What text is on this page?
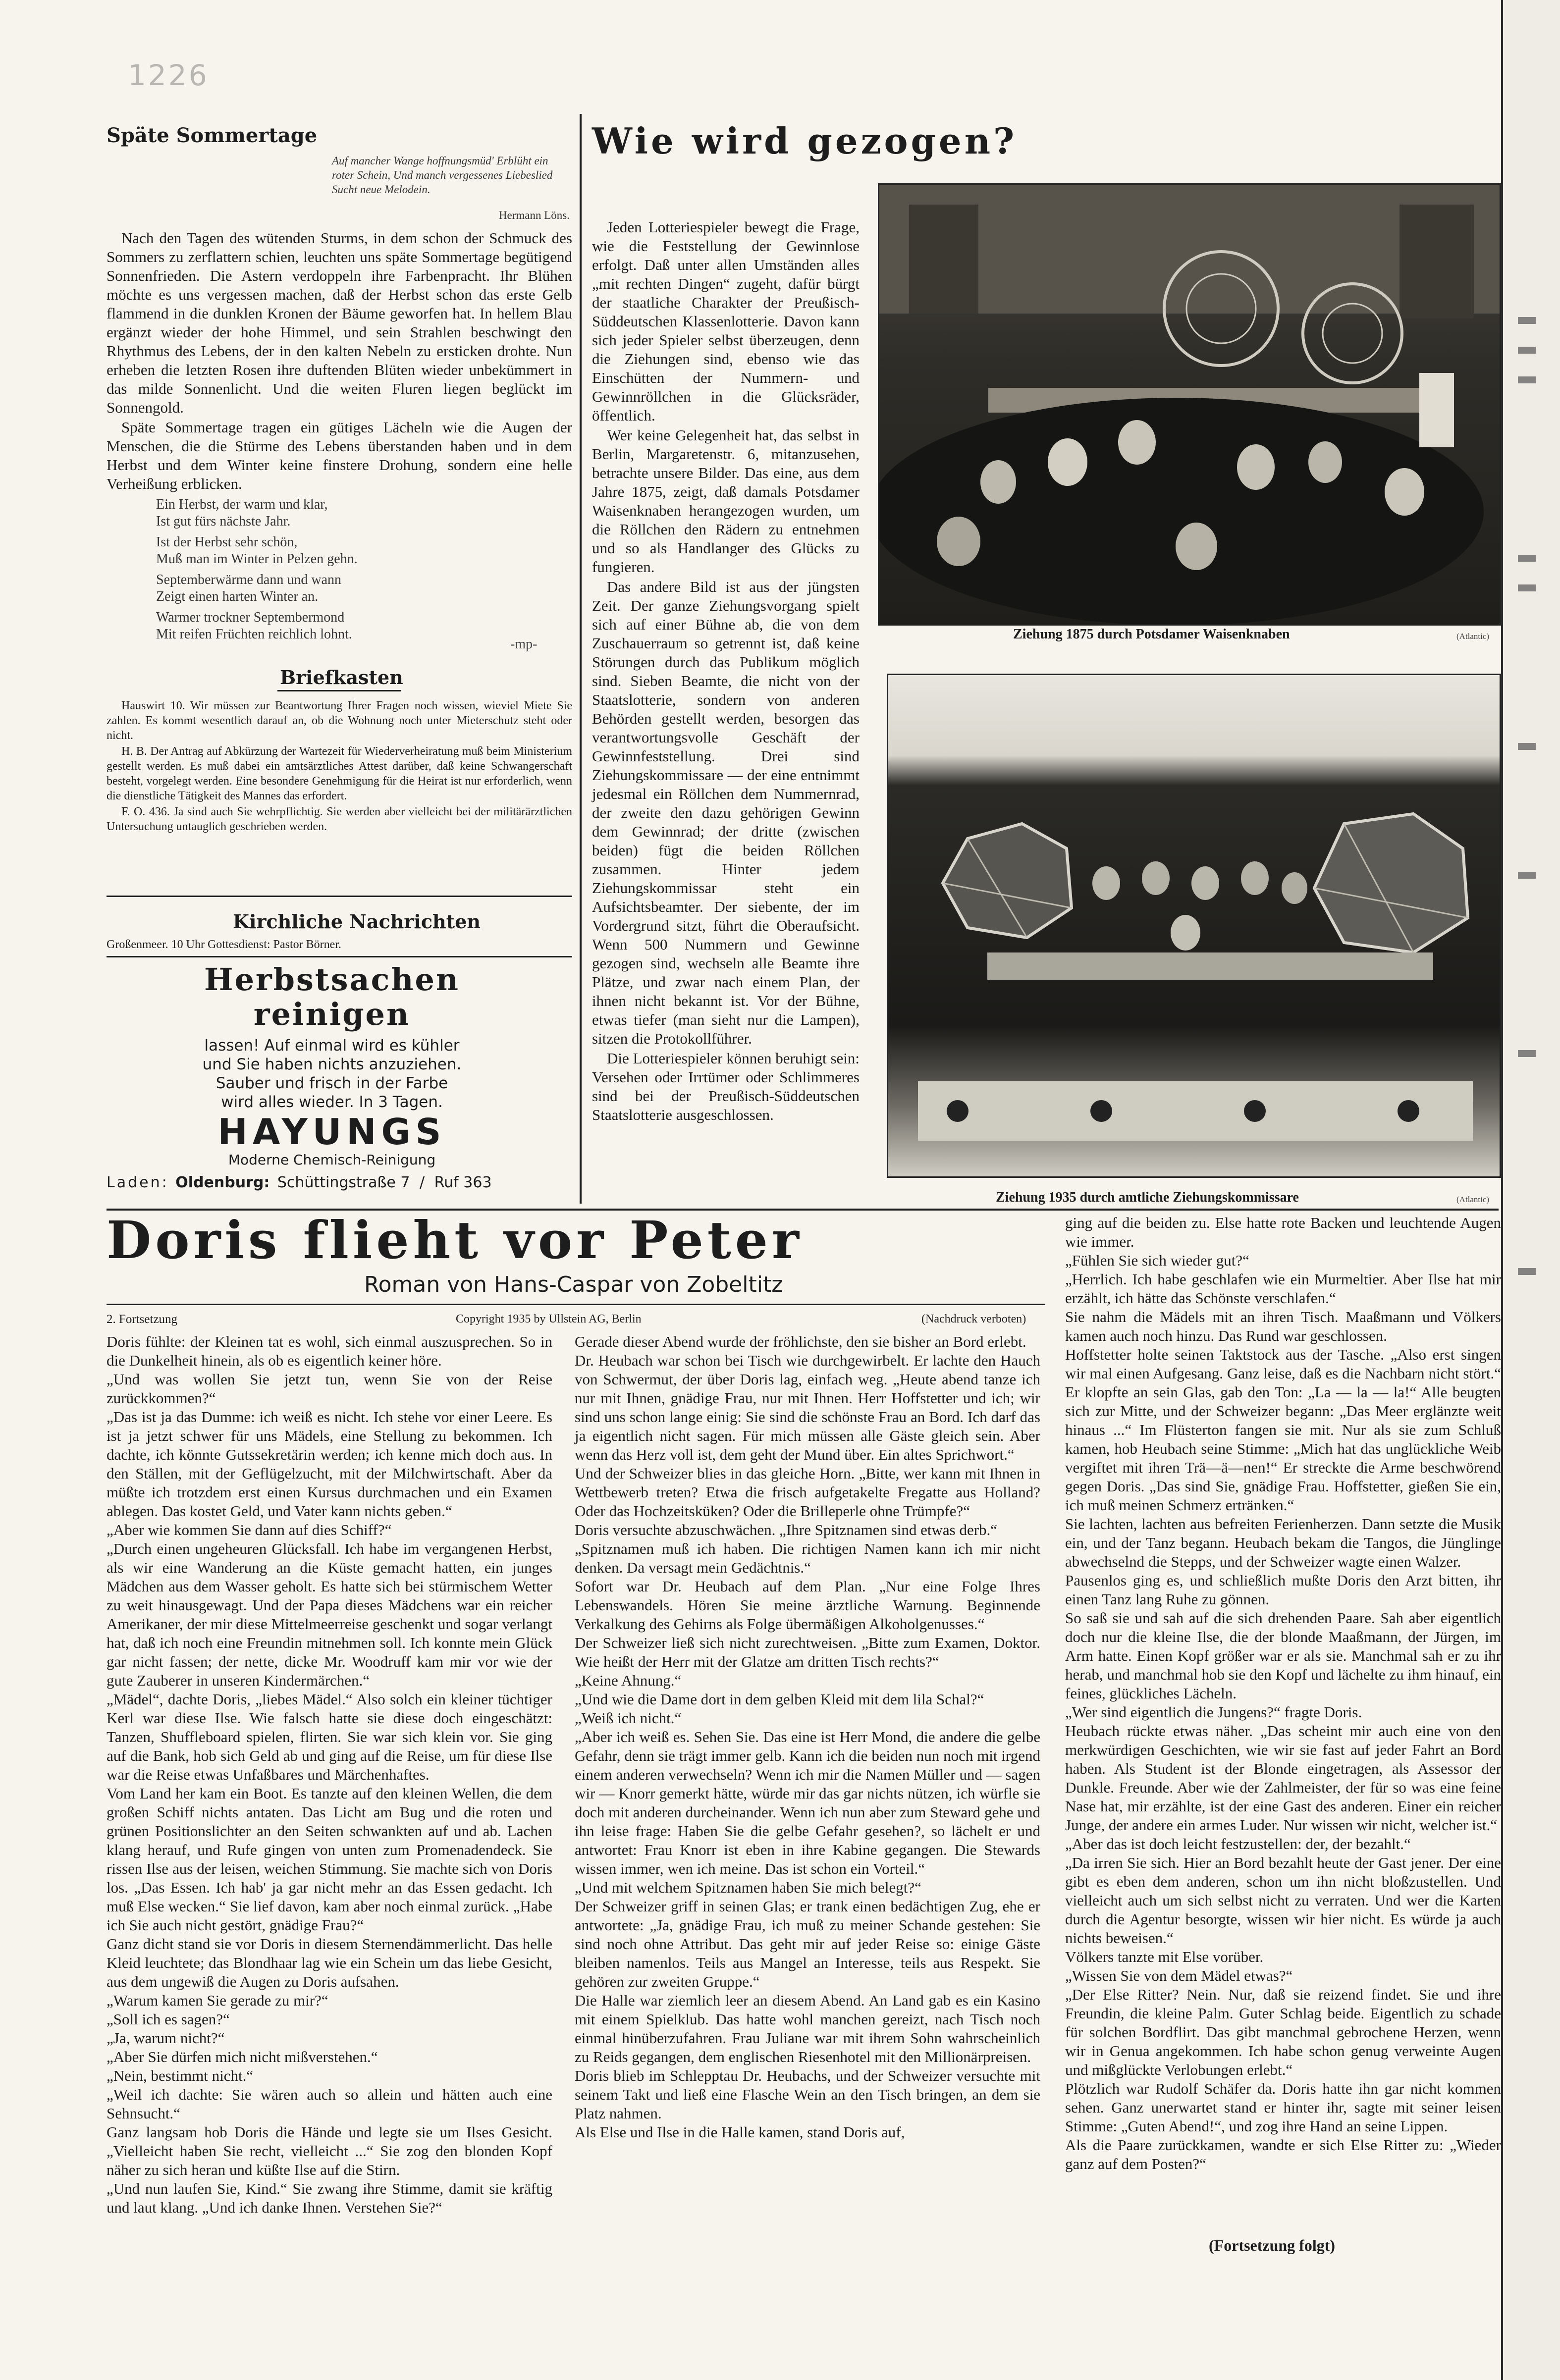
1226
Späte Sommertage
Auf mancher Wange hoffnungsmüd' Erblüht ein roter Schein, Und manch vergessenes Liebeslied Sucht neue Melodein.
Hermann Löns.

Nach den Tagen des wütenden Sturms, in dem schon der Schmuck des Sommers zu zerflattern schien, leuchten uns späte Sommertage begütigend Sonnenfrieden. Die Astern verdoppeln ihre Farbenpracht. Ihr Blühen möchte es uns vergessen machen, daß der Herbst schon das erste Gelb flammend in die dunklen Kronen der Bäume geworfen hat. In hellem Blau ergänzt wieder der hohe Himmel, und sein Strahlen beschwingt den Rhythmus des Lebens, der in den kalten Nebeln zu ersticken drohte. Nun erheben die letzten Rosen ihre duftenden Blüten wieder unbekümmert in das milde Sonnenlicht. Und die weiten Fluren liegen beglückt im Sonnengold.

Späte Sommertage tragen ein gütiges Lächeln wie die Augen der Menschen, die die Stürme des Lebens überstanden haben und in dem Herbst und dem Winter keine finstere Drohung, sondern eine helle Verheißung erblicken.

Ein Herbst, der warm und klar,
Ist gut fürs nächste Jahr.
Ist der Herbst sehr schön,
Muß man im Winter in Pelzen gehn.
Septemberwärme dann und wann
Zeigt einen harten Winter an.
Warmer trockner Septembermond
Mit reifen Früchten reichlich lohnt.
-mp-
Briefkasten

Hauswirt 10. Wir müssen zur Beantwortung Ihrer Fragen noch wissen, wieviel Miete Sie zahlen. Es kommt wesentlich darauf an, ob die Wohnung noch unter Mieterschutz steht oder nicht.

H. B. Der Antrag auf Abkürzung der Wartezeit für Wiederverheiratung muß beim Ministerium gestellt werden. Es muß dabei ein amtsärztliches Attest darüber, daß keine Schwangerschaft besteht, vorgelegt werden. Eine besondere Genehmigung für die Heirat ist nur erforderlich, wenn die dienstliche Tätigkeit des Mannes das erfordert.

F. O. 436. Ja sind auch Sie wehrpflichtig. Sie werden aber vielleicht bei der militärärztlichen Untersuchung untauglich geschrieben werden.

Kirchliche Nachrichten
Großenmeer. 10 Uhr Gottesdienst: Pastor Börner.
Herbstsachen
reinigen
lassen! Auf einmal wird es kühler
und Sie haben nichts anzuziehen.
Sauber und frisch in der Farbe
wird alles wieder. In 3 Tagen.
HAYUNGS
Moderne Chemisch-Reinigung
Laden: Oldenburg: Schüttingstraße 7 / Ruf 363
Wie wird gezogen?

Jeden Lotteriespieler bewegt die Frage, wie die Feststellung der Gewinnlose erfolgt. Daß unter allen Umständen alles „mit rechten Dingen“ zugeht, dafür bürgt der staatliche Charakter der Preußisch-Süddeutschen Klassenlotterie. Davon kann sich jeder Spieler selbst überzeugen, denn die Ziehungen sind, ebenso wie das Einschütten der Nummern- und Gewinnröllchen in die Glücksräder, öffentlich.

Wer keine Gelegenheit hat, das selbst in Berlin, Margaretenstr. 6, mitanzusehen, betrachte unsere Bilder. Das eine, aus dem Jahre 1875, zeigt, daß damals Potsdamer Waisenknaben herangezogen wurden, um die Röllchen den Rädern zu entnehmen und so als Handlanger des Glücks zu fungieren.

Das andere Bild ist aus der jüngsten Zeit. Der ganze Ziehungsvorgang spielt sich auf einer Bühne ab, die von dem Zuschauerraum so getrennt ist, daß keine Störungen durch das Publikum möglich sind. Sieben Beamte, die nicht von der Staatslotterie, sondern von anderen Behörden gestellt werden, besorgen das verantwortungsvolle Geschäft der Gewinnfeststellung. Drei sind Ziehungskommissare — der eine entnimmt jedesmal ein Röllchen dem Nummernrad, der zweite den dazu gehörigen Gewinn dem Gewinnrad; der dritte (zwischen beiden) fügt die beiden Röllchen zusammen. Hinter jedem Ziehungskommissar steht ein Aufsichtsbeamter. Der siebente, der im Vordergrund sitzt, führt die Oberaufsicht. Wenn 500 Nummern und Gewinne gezogen sind, wechseln alle Beamte ihre Plätze, und zwar nach einem Plan, der ihnen nicht bekannt ist. Vor der Bühne, etwas tiefer (man sieht nur die Lampen), sitzen die Protokollführer.

Die Lotteriespieler können beruhigt sein: Versehen oder Irrtümer oder Schlimmeres sind bei der Preußisch-Süddeutschen Staatslotterie ausgeschlossen.

Ziehung 1875 durch Potsdamer Waisenknaben	(Atlantic)
Ziehung 1935 durch amtliche Ziehungskommissare	(Atlantic)
Doris flieht vor Peter
Roman von Hans-Caspar von Zobeltitz
2. Fortsetzung	Copyright 1935 by Ullstein AG, Berlin	(Nachdruck verboten)
Doris fühlte: der Kleinen tat es wohl, sich einmal auszusprechen. So in die Dunkelheit hinein, als ob es eigentlich keiner höre.
„Und was wollen Sie jetzt tun, wenn Sie von der Reise zurückkommen?“
„Das ist ja das Dumme: ich weiß es nicht. Ich stehe vor einer Leere. Es ist ja jetzt schwer für uns Mädels, eine Stellung zu bekommen. Ich dachte, ich könnte Gutssekretärin werden; ich kenne mich doch aus. In den Ställen, mit der Geflügelzucht, mit der Milchwirtschaft. Aber da müßte ich trotzdem erst einen Kursus durchmachen und ein Examen ablegen. Das kostet Geld, und Vater kann nichts geben.“
„Aber wie kommen Sie dann auf dies Schiff?“
„Durch einen ungeheuren Glücksfall. Ich habe im vergangenen Herbst, als wir eine Wanderung an die Küste gemacht hatten, ein junges Mädchen aus dem Wasser geholt. Es hatte sich bei stürmischem Wetter zu weit hinausgewagt. Und der Papa dieses Mädchens war ein reicher Amerikaner, der mir diese Mittelmeerreise geschenkt und sogar verlangt hat, daß ich noch eine Freundin mitnehmen soll. Ich konnte mein Glück gar nicht fassen; der nette, dicke Mr. Woodruff kam mir vor wie der gute Zauberer in unseren Kindermärchen.“
„Mädel“, dachte Doris, „liebes Mädel.“ Also solch ein kleiner tüchtiger Kerl war diese Ilse. Wie falsch hatte sie diese doch eingeschätzt: Tanzen, Shuffleboard spielen, flirten. Sie war sich klein vor. Sie ging auf die Bank, hob sich Geld ab und ging auf die Reise, um für diese Ilse war die Reise etwas Unfaßbares und Märchenhaftes.
Vom Land her kam ein Boot. Es tanzte auf den kleinen Wellen, die dem großen Schiff nichts antaten. Das Licht am Bug und die roten und grünen Positionslichter an den Seiten schwankten auf und ab. Lachen klang herauf, und Rufe gingen von unten zum Promenadendeck. Sie rissen Ilse aus der leisen, weichen Stimmung. Sie machte sich von Doris los. „Das Essen. Ich hab' ja gar nicht mehr an das Essen gedacht. Ich muß Else wecken.“ Sie lief davon, kam aber noch einmal zurück. „Habe ich Sie auch nicht gestört, gnädige Frau?“
Ganz dicht stand sie vor Doris in diesem Sternendämmerlicht. Das helle Kleid leuchtete; das Blondhaar lag wie ein Schein um das liebe Gesicht, aus dem ungewiß die Augen zu Doris aufsahen.
„Warum kamen Sie gerade zu mir?“
„Soll ich es sagen?“
„Ja, warum nicht?“
„Aber Sie dürfen mich nicht mißverstehen.“
„Nein, bestimmt nicht.“
„Weil ich dachte: Sie wären auch so allein und hätten auch eine Sehnsucht.“
Ganz langsam hob Doris die Hände und legte sie um Ilses Gesicht. „Vielleicht haben Sie recht, vielleicht ...“ Sie zog den blonden Kopf näher zu sich heran und küßte Ilse auf die Stirn.
„Und nun laufen Sie, Kind.“ Sie zwang ihre Stimme, damit sie kräftig und laut klang. „Und ich danke Ihnen. Verstehen Sie?“
Gerade dieser Abend wurde der fröhlichste, den sie bisher an Bord erlebt.
Dr. Heubach war schon bei Tisch wie durchgewirbelt. Er lachte den Hauch von Schwermut, der über Doris lag, einfach weg. „Heute abend tanze ich nur mit Ihnen, gnädige Frau, nur mit Ihnen. Herr Hoffstetter und ich; wir sind uns schon lange einig: Sie sind die schönste Frau an Bord. Ich darf das ja eigentlich nicht sagen. Für mich müssen alle Gäste gleich sein. Aber wenn das Herz voll ist, dem geht der Mund über. Ein altes Sprichwort.“
Und der Schweizer blies in das gleiche Horn. „Bitte, wer kann mit Ihnen in Wettbewerb treten? Etwa die frisch aufgetakelte Fregatte aus Holland? Oder das Hochzeitsküken? Oder die Brilleperle ohne Trümpfe?“
Doris versuchte abzuschwächen. „Ihre Spitznamen sind etwas derb.“
„Spitznamen muß ich haben. Die richtigen Namen kann ich mir nicht denken. Da versagt mein Gedächtnis.“
Sofort war Dr. Heubach auf dem Plan. „Nur eine Folge Ihres Lebenswandels. Hören Sie meine ärztliche Warnung. Beginnende Verkalkung des Gehirns als Folge übermäßigen Alkoholgenusses.“
Der Schweizer ließ sich nicht zurechtweisen. „Bitte zum Examen, Doktor. Wie heißt der Herr mit der Glatze am dritten Tisch rechts?“
„Keine Ahnung.“
„Und wie die Dame dort in dem gelben Kleid mit dem lila Schal?“
„Weiß ich nicht.“
„Aber ich weiß es. Sehen Sie. Das eine ist Herr Mond, die andere die gelbe Gefahr, denn sie trägt immer gelb. Kann ich die beiden nun noch mit irgend einem anderen verwechseln? Wenn ich mir die Namen Müller und — sagen wir — Knorr gemerkt hätte, würde mir das gar nichts nützen, ich würfle sie doch mit anderen durcheinander. Wenn ich nun aber zum Steward gehe und ihn leise frage: Haben Sie die gelbe Gefahr gesehen?, so lächelt er und antwortet: Frau Knorr ist eben in ihre Kabine gegangen. Die Stewards wissen immer, wen ich meine. Das ist schon ein Vorteil.“
„Und mit welchem Spitznamen haben Sie mich belegt?“
Der Schweizer griff in seinen Glas; er trank einen bedächtigen Zug, ehe er antwortete: „Ja, gnädige Frau, ich muß zu meiner Schande gestehen: Sie sind noch ohne Attribut. Das geht mir auf jeder Reise so: einige Gäste bleiben namenlos. Teils aus Mangel an Interesse, teils aus Respekt. Sie gehören zur zweiten Gruppe.“
Die Halle war ziemlich leer an diesem Abend. An Land gab es ein Kasino mit einem Spielklub. Das hatte wohl manchen gereizt, nach Tisch noch einmal hinüberzufahren. Frau Juliane war mit ihrem Sohn wahrscheinlich zu Reids gegangen, dem englischen Riesenhotel mit den Millionärpreisen.
Doris blieb im Schlepptau Dr. Heubachs, und der Schweizer versuchte mit seinem Takt und ließ eine Flasche Wein an den Tisch bringen, an dem sie Platz nahmen.
Als Else und Ilse in die Halle kamen, stand Doris auf,
ging auf die beiden zu. Else hatte rote Backen und leuchtende Augen wie immer.
„Fühlen Sie sich wieder gut?“
„Herrlich. Ich habe geschlafen wie ein Murmeltier. Aber Ilse hat mir erzählt, ich hätte das Schönste verschlafen.“
Sie nahm die Mädels mit an ihren Tisch. Maaßmann und Völkers kamen auch noch hinzu. Das Rund war geschlossen.
Hoffstetter holte seinen Taktstock aus der Tasche. „Also erst singen wir mal einen Aufgesang. Ganz leise, daß es die Nachbarn nicht stört.“ Er klopfte an sein Glas, gab den Ton: „La — la — la!“ Alle beugten sich zur Mitte, und der Schweizer begann: „Das Meer erglänzte weit hinaus ...“ Im Flüsterton fangen sie mit. Nur als sie zum Schluß kamen, hob Heubach seine Stimme: „Mich hat das unglückliche Weib vergiftet mit ihren Trä—ä—nen!“ Er streckte die Arme beschwörend gegen Doris. „Das sind Sie, gnädige Frau. Hoffstetter, gießen Sie ein, ich muß meinen Schmerz ertränken.“
Sie lachten, lachten aus befreiten Ferienherzen. Dann setzte die Musik ein, und der Tanz begann. Heubach bekam die Tangos, die Jünglinge abwechselnd die Stepps, und der Schweizer wagte einen Walzer.
Pausenlos ging es, und schließlich mußte Doris den Arzt bitten, ihr einen Tanz lang Ruhe zu gönnen.
So saß sie und sah auf die sich drehenden Paare. Sah aber eigentlich doch nur die kleine Ilse, die der blonde Maaßmann, der Jürgen, im Arm hatte. Einen Kopf größer war er als sie. Manchmal sah er zu ihr herab, und manchmal hob sie den Kopf und lächelte zu ihm hinauf, ein feines, glückliches Lächeln.
„Wer sind eigentlich die Jungens?“ fragte Doris.
Heubach rückte etwas näher. „Das scheint mir auch eine von den merkwürdigen Geschichten, wie wir sie fast auf jeder Fahrt an Bord haben. Als Student ist der Blonde eingetragen, als Assessor der Dunkle. Freunde. Aber wie der Zahlmeister, der für so was eine feine Nase hat, mir erzählte, ist der eine Gast des anderen. Einer ein reicher Junge, der andere ein armes Luder. Nur wissen wir nicht, welcher ist.“
„Aber das ist doch leicht festzustellen: der, der bezahlt.“
„Da irren Sie sich. Hier an Bord bezahlt heute der Gast jener. Der eine gibt es eben dem anderen, schon um ihn nicht bloßzustellen. Und vielleicht auch um sich selbst nicht zu verraten. Und wer die Karten durch die Agentur besorgte, wissen wir hier nicht. Es würde ja auch nichts beweisen.“
Völkers tanzte mit Else vorüber.
„Wissen Sie von dem Mädel etwas?“
„Der Else Ritter? Nein. Nur, daß sie reizend findet. Sie und ihre Freundin, die kleine Palm. Guter Schlag beide. Eigentlich zu schade für solchen Bordflirt. Das gibt manchmal gebrochene Herzen, wenn wir in Genua angekommen. Ich habe schon genug verweinte Augen und mißglückte Verlobungen erlebt.“
Plötzlich war Rudolf Schäfer da. Doris hatte ihn gar nicht kommen sehen. Ganz unerwartet stand er hinter ihr, sagte mit seiner leisen Stimme: „Guten Abend!“, und zog ihre Hand an seine Lippen.
Als die Paare zurückkamen, wandte er sich Else Ritter zu: „Wieder ganz auf dem Posten?“
(Fortsetzung folgt)
